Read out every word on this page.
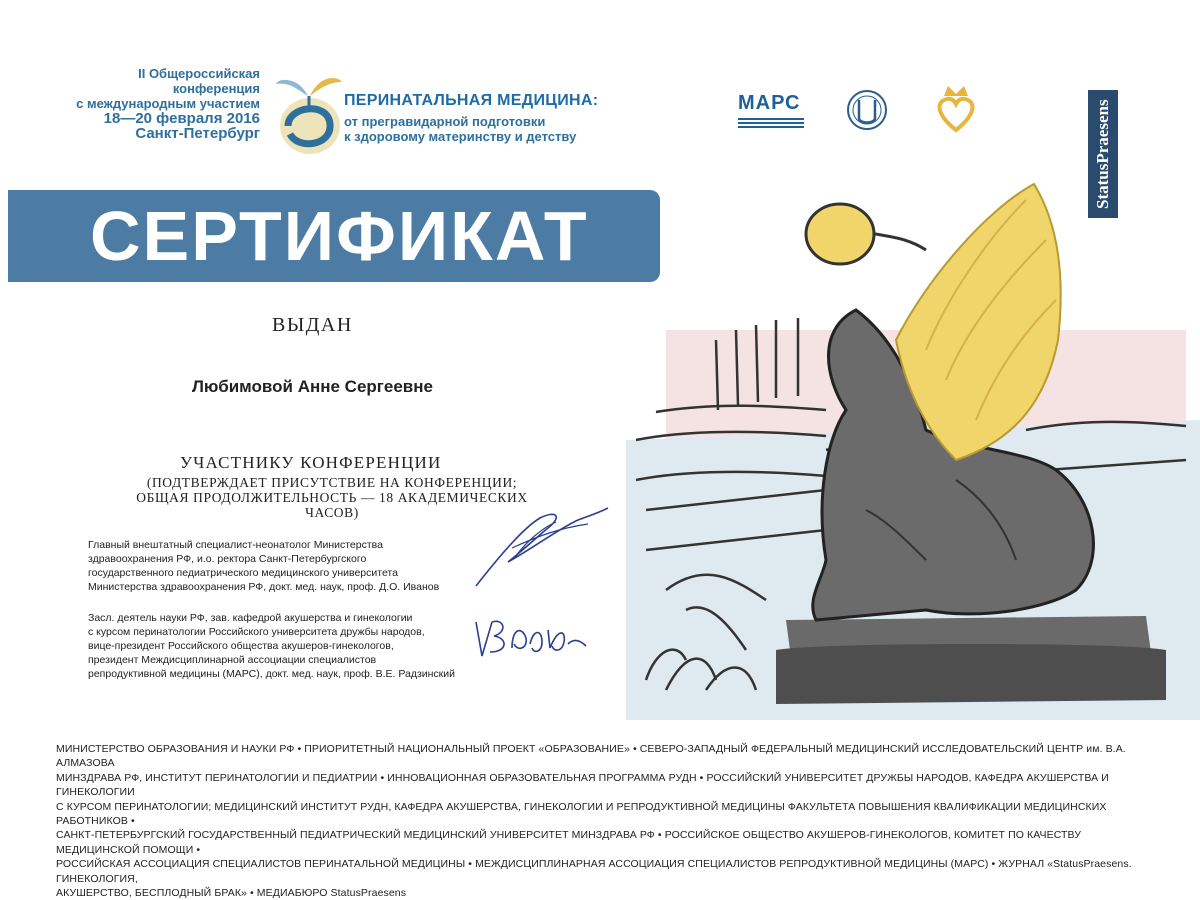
II Общероссийская конференция
с международным участием
18—20 февраля 2016
Санкт-Петербург
ПЕРИНАТАЛЬНАЯ МЕДИЦИНА:
от прегравидарной подготовки
к здоровому материнству и детству
МАРС	StatusPraesens
СЕРТИФИКАТ
ВЫДАН
Любимовой Анне Сергеевне
УЧАСТНИКУ КОНФЕРЕНЦИИ
(ПОДТВЕРЖДАЕТ ПРИСУТСТВИЕ НА КОНФЕРЕНЦИИ;
ОБЩАЯ ПРОДОЛЖИТЕЛЬНОСТЬ — 18 АКАДЕМИЧЕСКИХ ЧАСОВ)
Главный внештатный специалист-неонатолог Министерства
здравоохранения РФ, и.о. ректора Санкт-Петербургского
государственного педиатрического медицинского университета
Министерства здравоохранения РФ, докт. мед. наук, проф. Д.О. Иванов
Засл. деятель науки РФ, зав. кафедрой акушерства и гинекологии
с курсом перинатологии Российского университета дружбы народов,
вице-президент Российского общества акушеров-гинекологов,
президент Междисциплинарной ассоциации специалистов
репродуктивной медицины (МАРС), докт. мед. наук, проф. В.Е. Радзинский
МИНИСТЕРСТВО ОБРАЗОВАНИЯ И НАУКИ РФ • ПРИОРИТЕТНЫЙ НАЦИОНАЛЬНЫЙ ПРОЕКТ «ОБРАЗОВАНИЕ» • СЕВЕРО-ЗАПАДНЫЙ ФЕДЕРАЛЬНЫЙ МЕДИЦИНСКИЙ ИССЛЕДОВАТЕЛЬСКИЙ ЦЕНТР им. В.А. АЛМАЗОВА
МИНЗДРАВА РФ, ИНСТИТУТ ПЕРИНАТОЛОГИИ И ПЕДИАТРИИ • ИННОВАЦИОННАЯ ОБРАЗОВАТЕЛЬНАЯ ПРОГРАММА РУДН • РОССИЙСКИЙ УНИВЕРСИТЕТ ДРУЖБЫ НАРОДОВ, КАФЕДРА АКУШЕРСТВА И ГИНЕКОЛОГИИ
С КУРСОМ ПЕРИНАТОЛОГИИ; МЕДИЦИНСКИЙ ИНСТИТУТ РУДН, КАФЕДРА АКУШЕРСТВА, ГИНЕКОЛОГИИ И РЕПРОДУКТИВНОЙ МЕДИЦИНЫ ФАКУЛЬТЕТА ПОВЫШЕНИЯ КВАЛИФИКАЦИИ МЕДИЦИНСКИХ РАБОТНИКОВ •
САНКТ-ПЕТЕРБУРГСКИЙ ГОСУДАРСТВЕННЫЙ ПЕДИАТРИЧЕСКИЙ МЕДИЦИНСКИЙ УНИВЕРСИТЕТ МИНЗДРАВА РФ • РОССИЙСКОЕ ОБЩЕСТВО АКУШЕРОВ-ГИНЕКОЛОГОВ, КОМИТЕТ ПО КАЧЕСТВУ МЕДИЦИНСКОЙ ПОМОЩИ •
РОССИЙСКАЯ АССОЦИАЦИЯ СПЕЦИАЛИСТОВ ПЕРИНАТАЛЬНОЙ МЕДИЦИНЫ • МЕЖДИСЦИПЛИНАРНАЯ АССОЦИАЦИЯ СПЕЦИАЛИСТОВ РЕПРОДУКТИВНОЙ МЕДИЦИНЫ (МАРС) • ЖУРНАЛ «StatusPraesens. ГИНЕКОЛОГИЯ,
АКУШЕРСТВО, БЕСПЛОДНЫЙ БРАК» • МЕДИАБЮРО StatusPraesens
